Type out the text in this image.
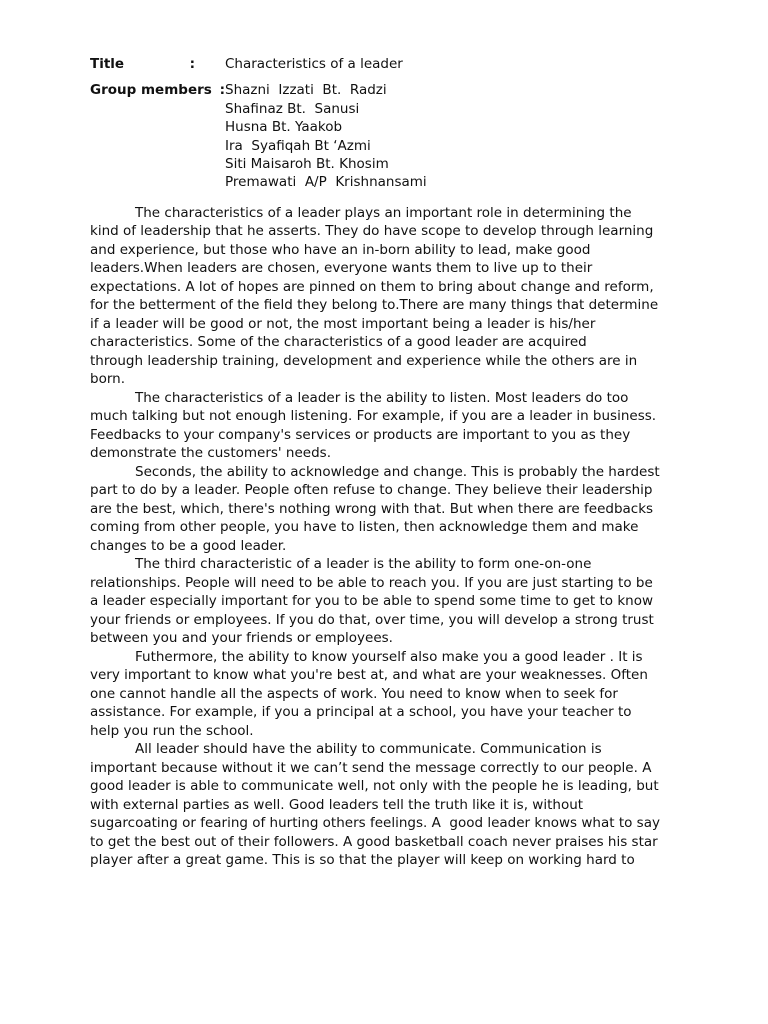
Title	: Characteristics of a leader
Group members : Shazni  Izzati  Bt.  Radzi
Shafinaz Bt.  Sanusi
Husna Bt. Yaakob
Ira  Syafiqah Bt ‘Azmi
Siti Maisaroh Bt. Khosim
Premawati  A/P  Krishnansami
The characteristics of a leader plays an important role in determining the
kind of leadership that he asserts. They do have scope to develop through learning
and experience, but those who have an in-born ability to lead, make good
leaders.When leaders are chosen, everyone wants them to live up to their
expectations. A lot of hopes are pinned on them to bring about change and reform,
for the betterment of the field they belong to.There are many things that determine
if a leader will be good or not, the most important being a leader is his/her
characteristics. Some of the characteristics of a good leader are acquired
through leadership training, development and experience while the others are in
born.
The characteristics of a leader is the ability to listen. Most leaders do too
much talking but not enough listening. For example, if you are a leader in business.
Feedbacks to your company's services or products are important to you as they
demonstrate the customers' needs.
Seconds, the ability to acknowledge and change. This is probably the hardest
part to do by a leader. People often refuse to change. They believe their leadership
are the best, which, there's nothing wrong with that. But when there are feedbacks
coming from other people, you have to listen, then acknowledge them and make
changes to be a good leader.
The third characteristic of a leader is the ability to form one-on-one
relationships. People will need to be able to reach you. If you are just starting to be
a leader especially important for you to be able to spend some time to get to know
your friends or employees. If you do that, over time, you will develop a strong trust
between you and your friends or employees.
Futhermore, the ability to know yourself also make you a good leader . It is
very important to know what you're best at, and what are your weaknesses. Often
one cannot handle all the aspects of work. You need to know when to seek for
assistance. For example, if you a principal at a school, you have your teacher to
help you run the school.
All leader should have the ability to communicate. Communication is
important because without it we can’t send the message correctly to our people. A
good leader is able to communicate well, not only with the people he is leading, but
with external parties as well. Good leaders tell the truth like it is, without
sugarcoating or fearing of hurting others feelings. A  good leader knows what to say
to get the best out of their followers. A good basketball coach never praises his star
player after a great game. This is so that the player will keep on working hard to
